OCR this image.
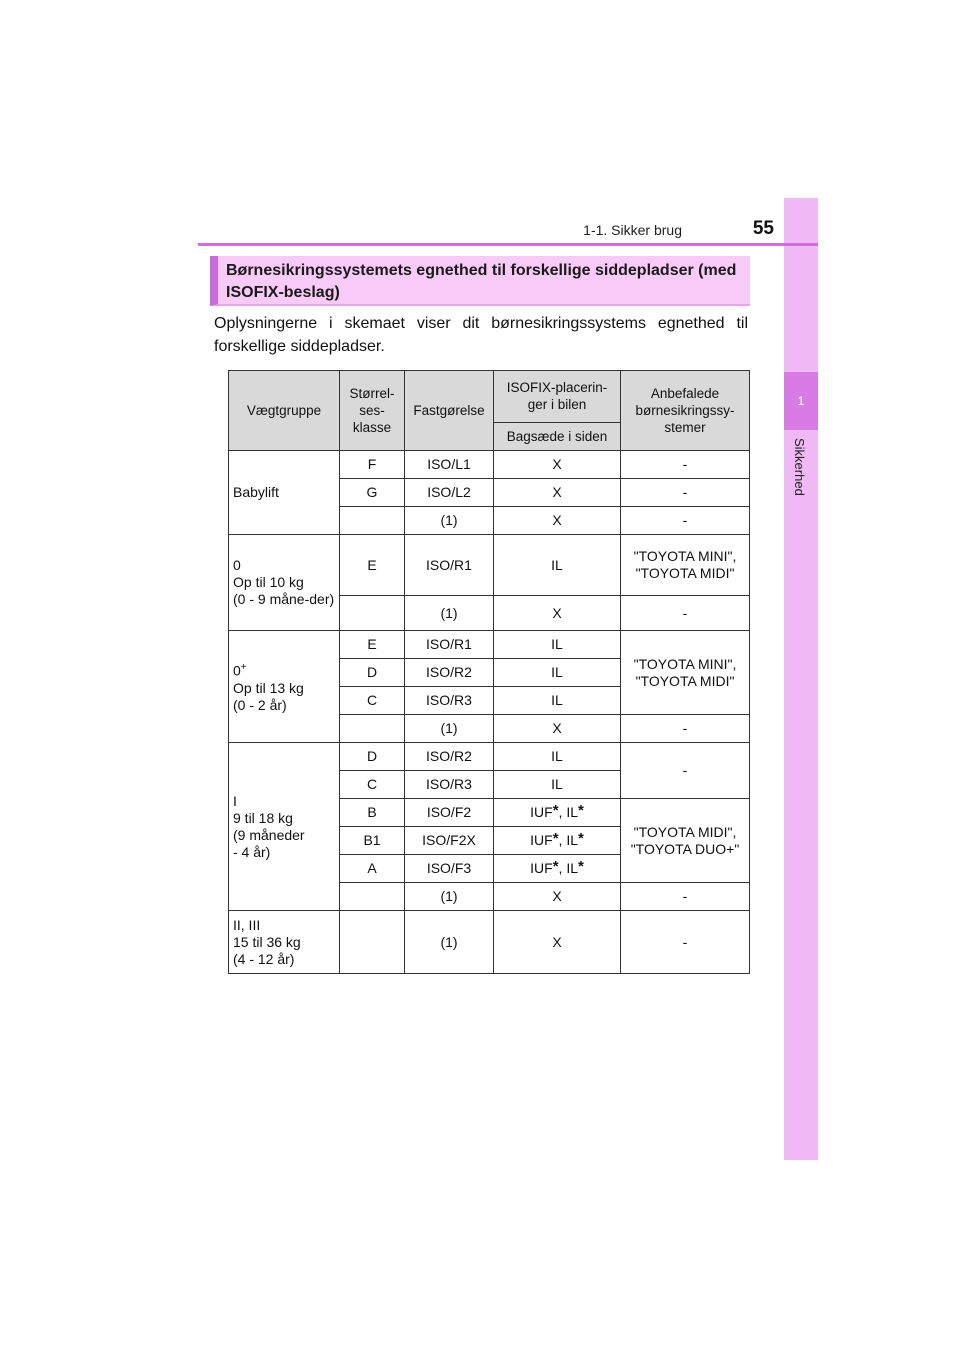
1
Sikkerhed
1-1. Sikker brug	55
Børnesikringssystemets egnethed til forskellige siddepladser (med ISOFIX-beslag)
Oplysningerne i skemaet viser dit børnesikringssystems egnethed til forskellige siddepladser.
Vægtgruppe	Størrel-
ses-
klasse	Fastgørelse	ISOFIX-placerin-
ger i bilen	Anbefalede
børnesikringssy-
stemer
			Bagsæde i siden	
Babylift	F	ISO/L1	X	-
	G	ISO/L2	X	-
		(1)	X	-
0
Op til 10 kg
(0 - 9 måne-der)	E	ISO/R1	IL	"TOYOTA MINI",
"TOYOTA MIDI"
		(1)	X	-
0+
Op til 13 kg
(0 - 2 år)	E	ISO/R1	IL	"TOYOTA MINI",
"TOYOTA MIDI"
	D	ISO/R2	IL	
	C	ISO/R3	IL	
		(1)	X	-
I
9 til 18 kg
(9 måneder
- 4 år)	D	ISO/R2	IL	-
	C	ISO/R3	IL	
	B	ISO/F2	IUF*, IL*	"TOYOTA MIDI",
"TOYOTA DUO+"
	B1	ISO/F2X	IUF*, IL*
	A	ISO/F3	IUF*, IL*
		(1)	X	-
II, III
15 til 36 kg
(4 - 12 år)		(1)	X	-
